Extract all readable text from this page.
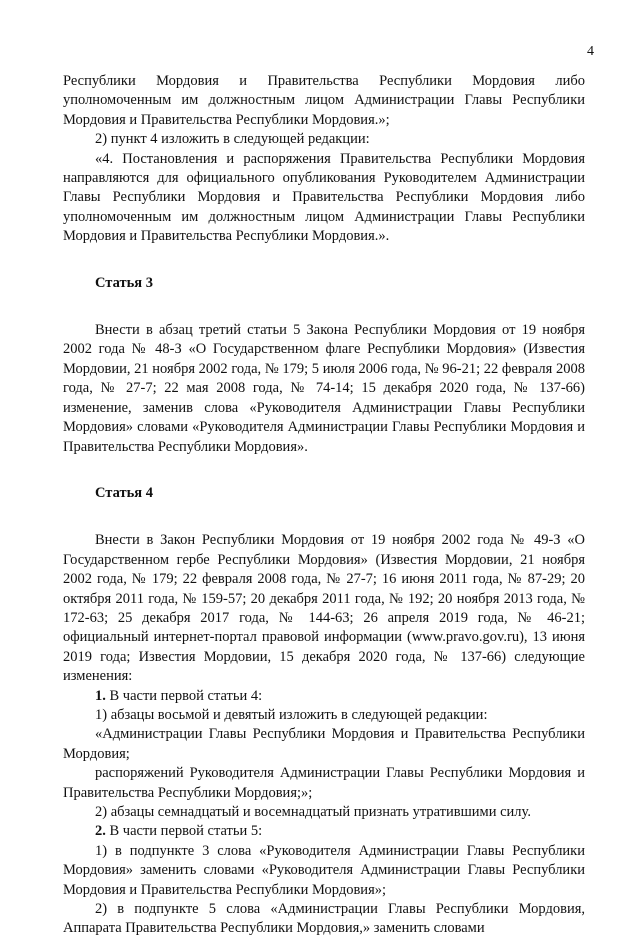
4

Республики Мордовия и Правительства Республики Мордовия либо уполномоченным им должностным лицом Администрации Главы Республики Мордовия и Правительства Республики Мордовия.»;

2) пункт 4 изложить в следующей редакции:

«4. Постановления и распоряжения Правительства Республики Мордовия направляются для официального опубликования Руководителем Администрации Главы Республики Мордовия и Правительства Республики Мордовия либо уполномоченным им должностным лицом Администрации Главы Республики Мордовия и Правительства Республики Мордовия.».

Статья 3

Внести в абзац третий статьи 5 Закона Республики Мордовия от 19 ноября 2002 года № 48-З «О Государственном флаге Республики Мордовия» (Известия Мордовии, 21 ноября 2002 года, № 179; 5 июля 2006 года, № 96-21; 22 февраля 2008 года, № 27-7; 22 мая 2008 года, № 74-14; 15 декабря 2020 года, № 137-66) изменение, заменив слова «Руководителя Администрации Главы Республики Мордовия» словами «Руководителя Администрации Главы Республики Мордовия и Правительства Республики Мордовия».

Статья 4

Внести в Закон Республики Мордовия от 19 ноября 2002 года № 49-З «О Государственном гербе Республики Мордовия» (Известия Мордовии, 21 ноября 2002 года, № 179; 22 февраля 2008 года, № 27-7; 16 июня 2011 года, № 87-29; 20 октября 2011 года, № 159-57; 20 декабря 2011 года, № 192; 20 ноября 2013 года, № 172-63; 25 декабря 2017 года, № 144-63; 26 апреля 2019 года, № 46-21; официальный интернет-портал правовой информации (www.pravo.gov.ru), 13 июня 2019 года; Известия Мордовии, 15 декабря 2020 года, № 137-66) следующие изменения:

1. В части первой статьи 4:

1) абзацы восьмой и девятый изложить в следующей редакции:

«Администрации Главы Республики Мордовия и Правительства Республики Мордовия;

распоряжений Руководителя Администрации Главы Республики Мордовия и Правительства Республики Мордовия;»;

2) абзацы семнадцатый и восемнадцатый признать утратившими силу.

2. В части первой статьи 5:

1) в подпункте 3 слова «Руководителя Администрации Главы Республики Мордовия» заменить словами «Руководителя Администрации Главы Республики Мордовия и Правительства Республики Мордовия»;

2) в подпункте 5 слова «Администрации Главы Республики Мордовия, Аппарата Правительства Республики Мордовия,» заменить словами
